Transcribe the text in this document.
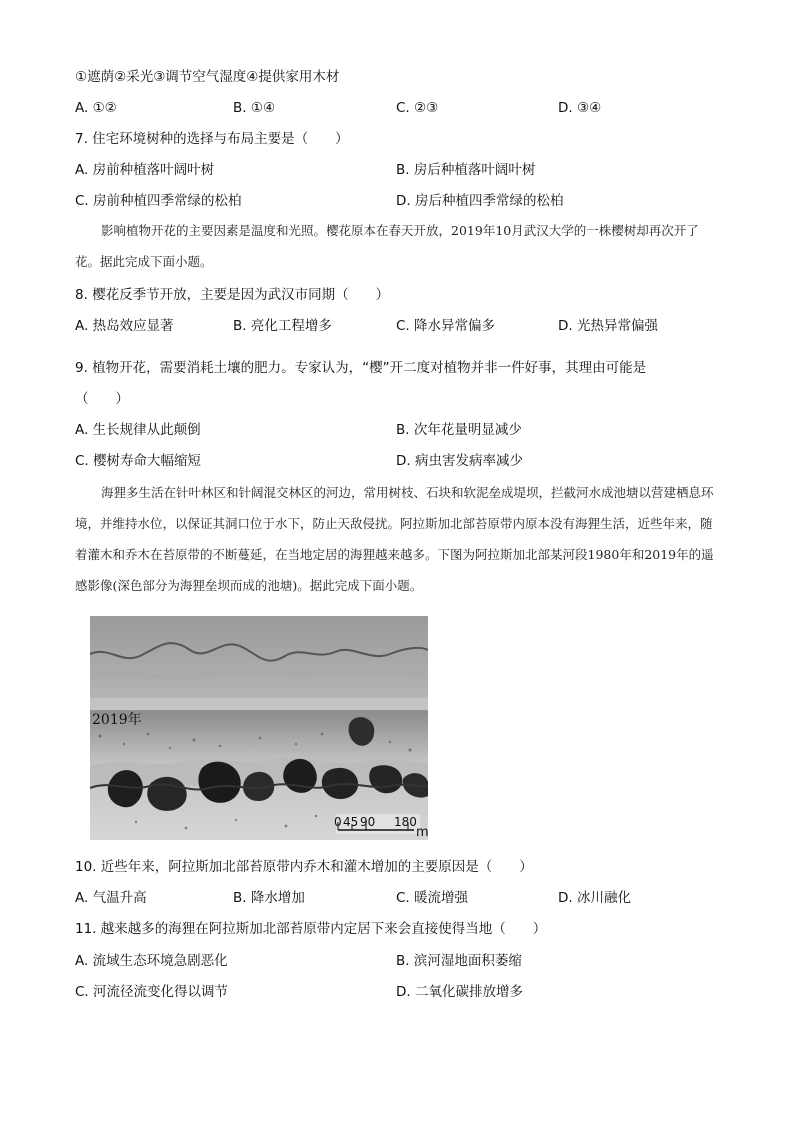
①遮荫②采光③调节空气湿度④提供家用木材
A. ①②	B. ①④	C. ②③	D. ③④
7. 住宅环境树种的选择与布局主要是（　　）
A. 房前种植落叶阔叶树	B. 房后种植落叶阔叶树
C. 房前种植四季常绿的松柏	D. 房后种植四季常绿的松柏
影响植物开花的主要因素是温度和光照。樱花原本在春天开放，2019年10月武汉大学的一株樱树却再次开了花。据此完成下面小题。
8. 樱花反季节开放，主要是因为武汉市同期（　　）
A. 热岛效应显著	B. 亮化工程增多	C. 降水异常偏多	D. 光热异常偏强
9. 植物开花，需要消耗土壤的肥力。专家认为，“樱”开二度对植物并非一件好事，其理由可能是
（　　）
A. 生长规律从此颠倒	B. 次年花量明显减少
C. 樱树寿命大幅缩短	D. 病虫害发病率减少
海狸多生活在针叶林区和针阔混交林区的河边，常用树枝、石块和软泥垒成堤坝，拦截河水成池塘以营建栖息环境，并维持水位，以保证其洞口位于水下，防止天敌侵扰。阿拉斯加北部苔原带内原本没有海狸生活，近些年来，随着灌木和乔木在苔原带的不断蔓延，在当地定居的海狸越来越多。下图为阿拉斯加北部某河段1980年和2019年的遥感影像(深色部分为海狸垒坝而成的池塘)。据此完成下面小题。
2019年
0 45 90 180
m
10. 近些年来，阿拉斯加北部苔原带内乔木和灌木增加的主要原因是（　　）
A. 气温升高	B. 降水增加	C. 暖流增强	D. 冰川融化
11. 越来越多的海狸在阿拉斯加北部苔原带内定居下来会直接使得当地（　　）
A. 流域生态环境急剧恶化	B. 滨河湿地面积萎缩
C. 河流径流变化得以调节	D. 二氧化碳排放增多
